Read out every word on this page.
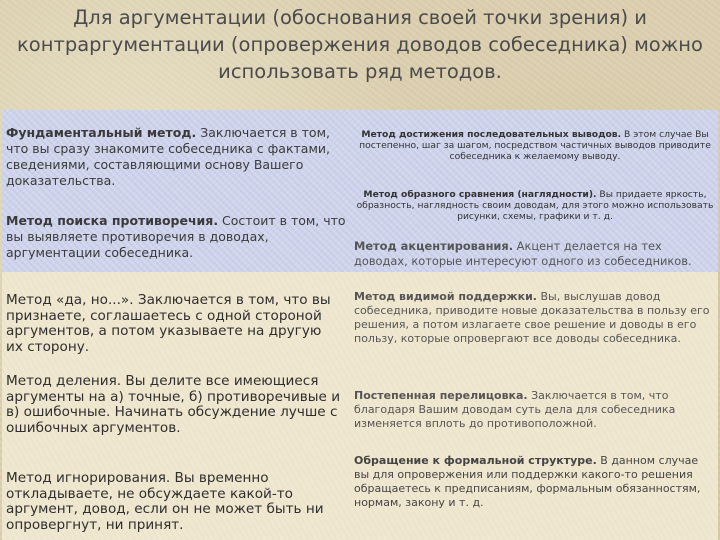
Для аргументации (обоснования своей точки зрения) и контраргументации (опровержения доводов собеседника) можно использовать ряд методов.
Фундаментальный метод. Заключается в том, что вы сразу знакомите собеседника с фактами, сведениями, составляющими основу Вашего доказательства.
Метод поиска противоречия. Состоит в том, что вы выявляете противоречия в доводах, аргументации собеседника.
Метод «да, но...». Заключается в том, что вы признаете, соглашаетесь с одной стороной аргументов, а потом указываете на другую их сторону.
Метод деления. Вы делите все имеющиеся аргументы на а) точные, б) противоречивые и в) ошибочные. Начинать обсуждение лучше с ошибочных аргументов.
Метод игнорирования. Вы временно откладываете, не обсуждаете какой-то аргумент, довод, если он не может быть ни опровергнут, ни принят.
Метод достижения последовательных выводов. В этом случае Вы постепенно, шаг за шагом, посредством частичных выводов приводите собеседника к желаемому выводу.
Метод образного сравнения (наглядности). Вы придаете яркость, образность, наглядность своим доводам, для этого можно использовать рисунки, схемы, графики и т. д.
Метод акцентирования. Акцент делается на тех доводах, которые интересуют одного из собеседников.
Метод видимой поддержки. Вы, выслушав довод собеседника, приводите новые доказательства в пользу его решения, а потом излагаете свое решение и доводы в его пользу, которые опровергают все доводы собеседника.
Постепенная перелицовка. Заключается в том, что благодаря Вашим доводам суть дела для собеседника изменяется вплоть до противоположной.
Обращение к формальной структуре. В данном случае вы для опровержения или поддержки какого-то решения обращаетесь к предписаниям, формальным обязанностям, нормам, закону и т. д.
